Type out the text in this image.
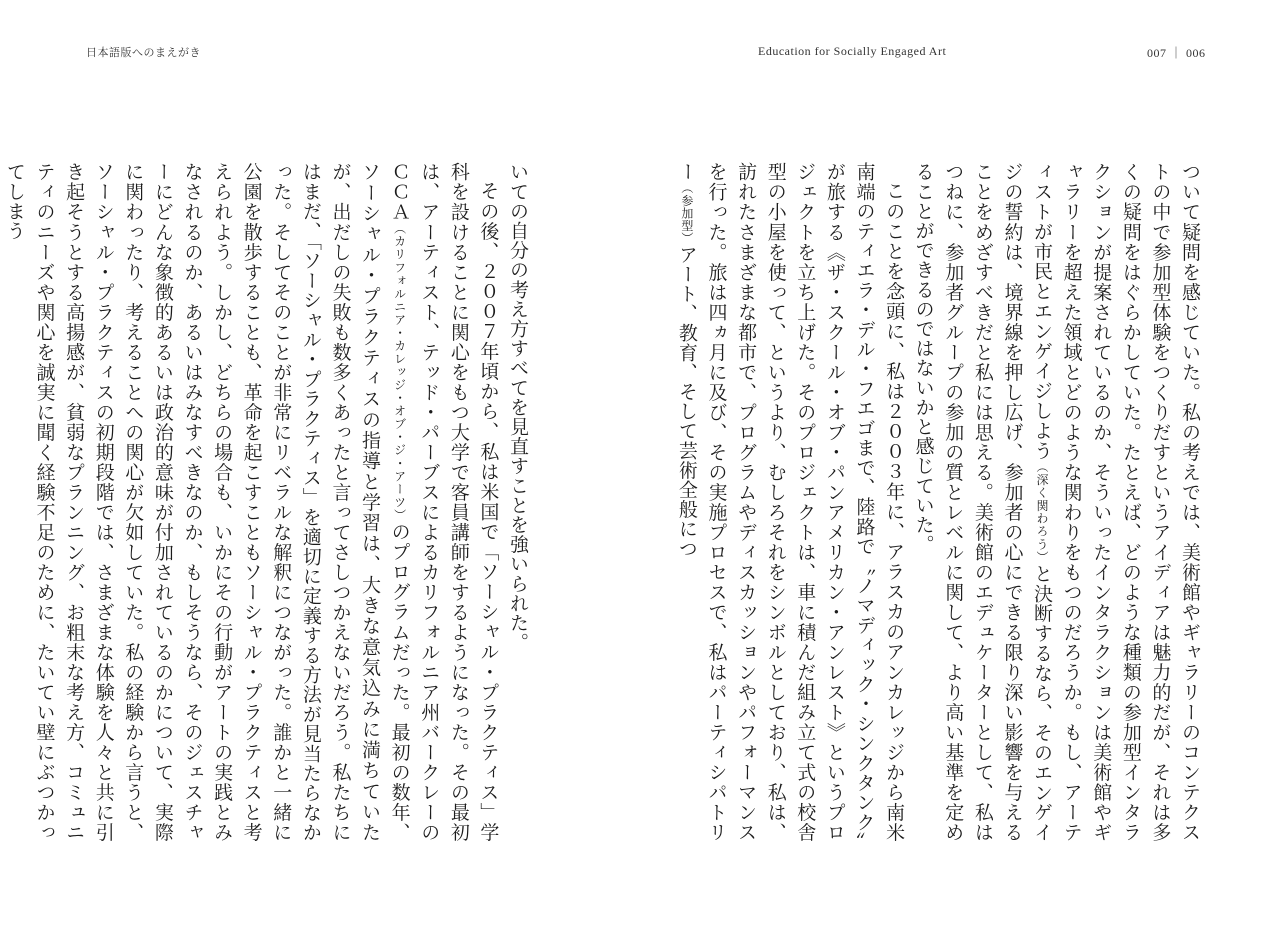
日本語版へのまえがき	Education for Socially Engaged Art	007 ｜ 006

ついて疑問を感じていた。私の考えでは、美術館やギャラリーのコンテクストの中で参加型体験をつくりだすというアイディアは魅力的だが、それは多くの疑問をはぐらかしていた。たとえば、どのような種類の参加型インタラクションが提案されているのか、そういったインタラクションは美術館やギャラリーを超えた領域とどのような関わりをもつのだろうか。もし、アーティストが市民とエンゲイジしよう（深く関わろう）と決断するなら、そのエンゲイジの誓約は、境界線を押し広げ、参加者の心にできる限り深い影響を与えることをめざすべきだと私には思える。美術館のエデュケーターとして、私はつねに、参加者グループの参加の質とレベルに関して、より高い基準を定めることができるのではないかと感じていた。

このことを念頭に、私は２００３年に、アラスカのアンカレッジから南米南端のティエラ・デル・フエゴまで、陸路で〝ノマディック・シンクタンク〟が旅する《ザ・スクール・オブ・パンアメリカン・アンレスト》というプロジェクトを立ち上げた。そのプロジェクトは、車に積んだ組み立て式の校舎型の小屋を使って、というより、むしろそれをシンボルとしており、私は、訪れたさまざまな都市で、プログラムやディスカッションやパフォーマンスを行った。旅は四ヵ月に及び、その実施プロセスで、私はパーティシパトリー（参加型）アート、教育、そして芸術全般につ

いての自分の考え方すべてを見直すことを強いられた。

その後、２００７年頃から、私は米国で「ソーシャル・プラクティス」学科を設けることに関心をもつ大学で客員講師をするようになった。その最初は、アーティスト、テッド・パーブスによるカリフォルニア州バークレーのＣＣＡ（カリフォルニア・カレッジ・オブ・ジ・アーツ）のプログラムだった。最初の数年、ソーシャル・プラクティスの指導と学習は、大きな意気込みに満ちていたが、出だしの失敗も数多くあったと言ってさしつかえないだろう。私たちにはまだ、「ソーシャル・プラクティス」を適切に定義する方法が見当たらなかった。そしてそのことが非常にリベラルな解釈につながった。誰かと一緒に公園を散歩することも、革命を起こすこともソーシャル・プラクティスと考えられよう。しかし、どちらの場合も、いかにその行動がアートの実践とみなされるのか、あるいはみなすべきなのか、もしそうなら、そのジェスチャーにどんな象徴的あるいは政治的意味が付加されているのかについて、実際に関わったり、考えることへの関心が欠如していた。私の経験から言うと、ソーシャル・プラクティスの初期段階では、さまざまな体験を人々と共に引き起そうとする高揚感が、貧弱なプランニング、お粗末な考え方、コミュニティのニーズや関心を誠実に聞く経験不足のために、たいてい壁にぶつかってしまう
